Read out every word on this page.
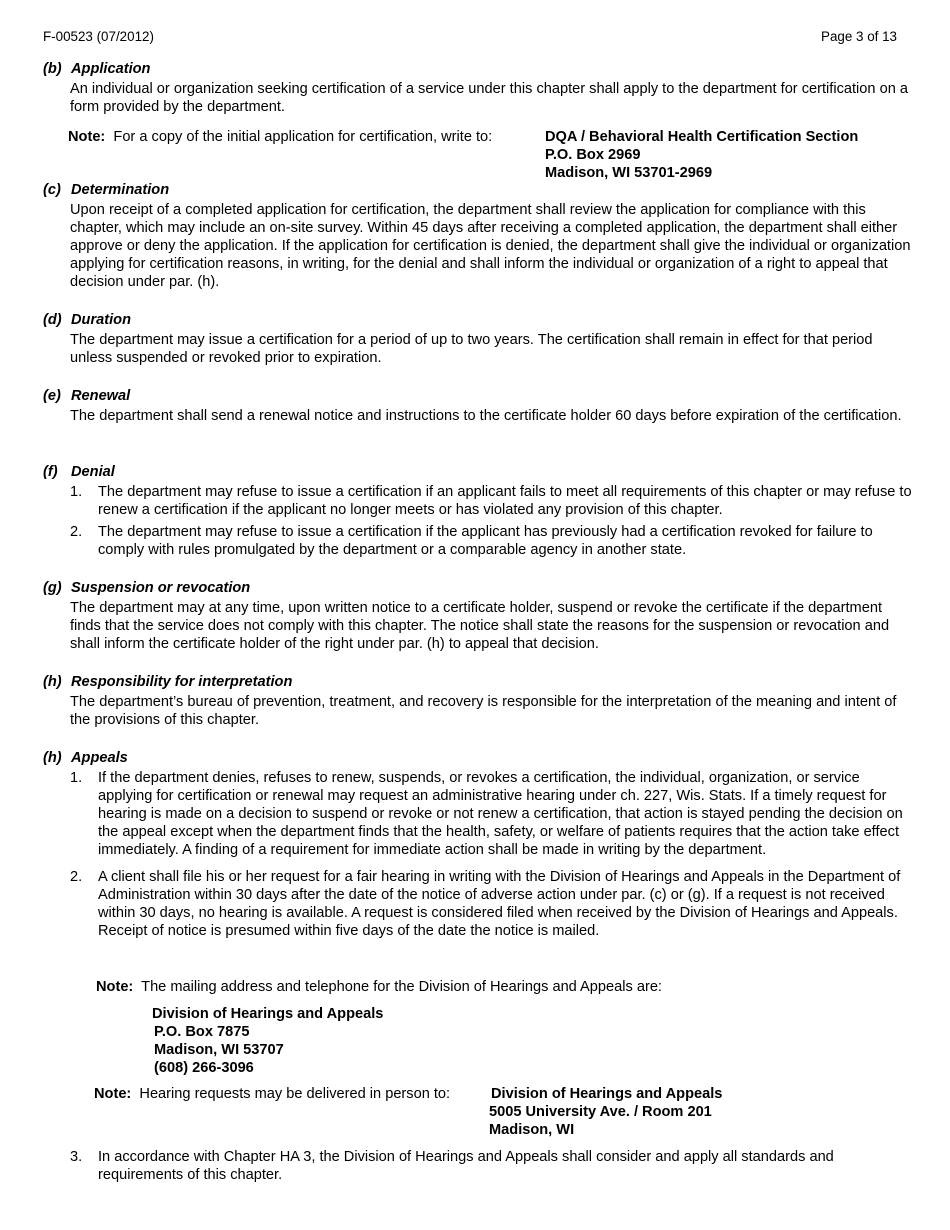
F-00523 (07/2012)	Page 3 of 13
(b) Application
An individual or organization seeking certification of a service under this chapter shall apply to the department for certification on a form provided by the department.
Note: For a copy of the initial application for certification, write to:	DQA / Behavioral Health Certification Section
P.O. Box 2969
Madison, WI 53701-2969
(c) Determination
Upon receipt of a completed application for certification, the department shall review the application for compliance with this chapter, which may include an on-site survey. Within 45 days after receiving a completed application, the department shall either approve or deny the application. If the application for certification is denied, the department shall give the individual or organization applying for certification reasons, in writing, for the denial and shall inform the individual or organization of a right to appeal that decision under par. (h).
(d) Duration
The department may issue a certification for a period of up to two years. The certification shall remain in effect for that period unless suspended or revoked prior to expiration.
(e) Renewal
The department shall send a renewal notice and instructions to the certificate holder 60 days before expiration of the certification.
(f) Denial
1. The department may refuse to issue a certification if an applicant fails to meet all requirements of this chapter or may refuse to renew a certification if the applicant no longer meets or has violated any provision of this chapter.
2. The department may refuse to issue a certification if the applicant has previously had a certification revoked for failure to comply with rules promulgated by the department or a comparable agency in another state.
(g) Suspension or revocation
The department may at any time, upon written notice to a certificate holder, suspend or revoke the certificate if the department finds that the service does not comply with this chapter. The notice shall state the reasons for the suspension or revocation and shall inform the certificate holder of the right under par. (h) to appeal that decision.
(h) Responsibility for interpretation
The department’s bureau of prevention, treatment, and recovery is responsible for the interpretation of the meaning and intent of the provisions of this chapter.
(h) Appeals
1. If the department denies, refuses to renew, suspends, or revokes a certification, the individual, organization, or service applying for certification or renewal may request an administrative hearing under ch. 227, Wis. Stats. If a timely request for hearing is made on a decision to suspend or revoke or not renew a certification, that action is stayed pending the decision on the appeal except when the department finds that the health, safety, or welfare of patients requires that the action take effect immediately. A finding of a requirement for immediate action shall be made in writing by the department.
2. A client shall file his or her request for a fair hearing in writing with the Division of Hearings and Appeals in the Department of Administration within 30 days after the date of the notice of adverse action under par. (c) or (g). If a request is not received within 30 days, no hearing is available. A request is considered filed when received by the Division of Hearings and Appeals. Receipt of notice is presumed within five days of the date the notice is mailed.
Note: The mailing address and telephone for the Division of Hearings and Appeals are:
Division of Hearings and Appeals
P.O. Box 7875
Madison, WI 53707
(608) 266-3096
Note: Hearing requests may be delivered in person to:	Division of Hearings and Appeals
5005 University Ave. / Room 201
Madison, WI
3. In accordance with Chapter HA 3, the Division of Hearings and Appeals shall consider and apply all standards and requirements of this chapter.
